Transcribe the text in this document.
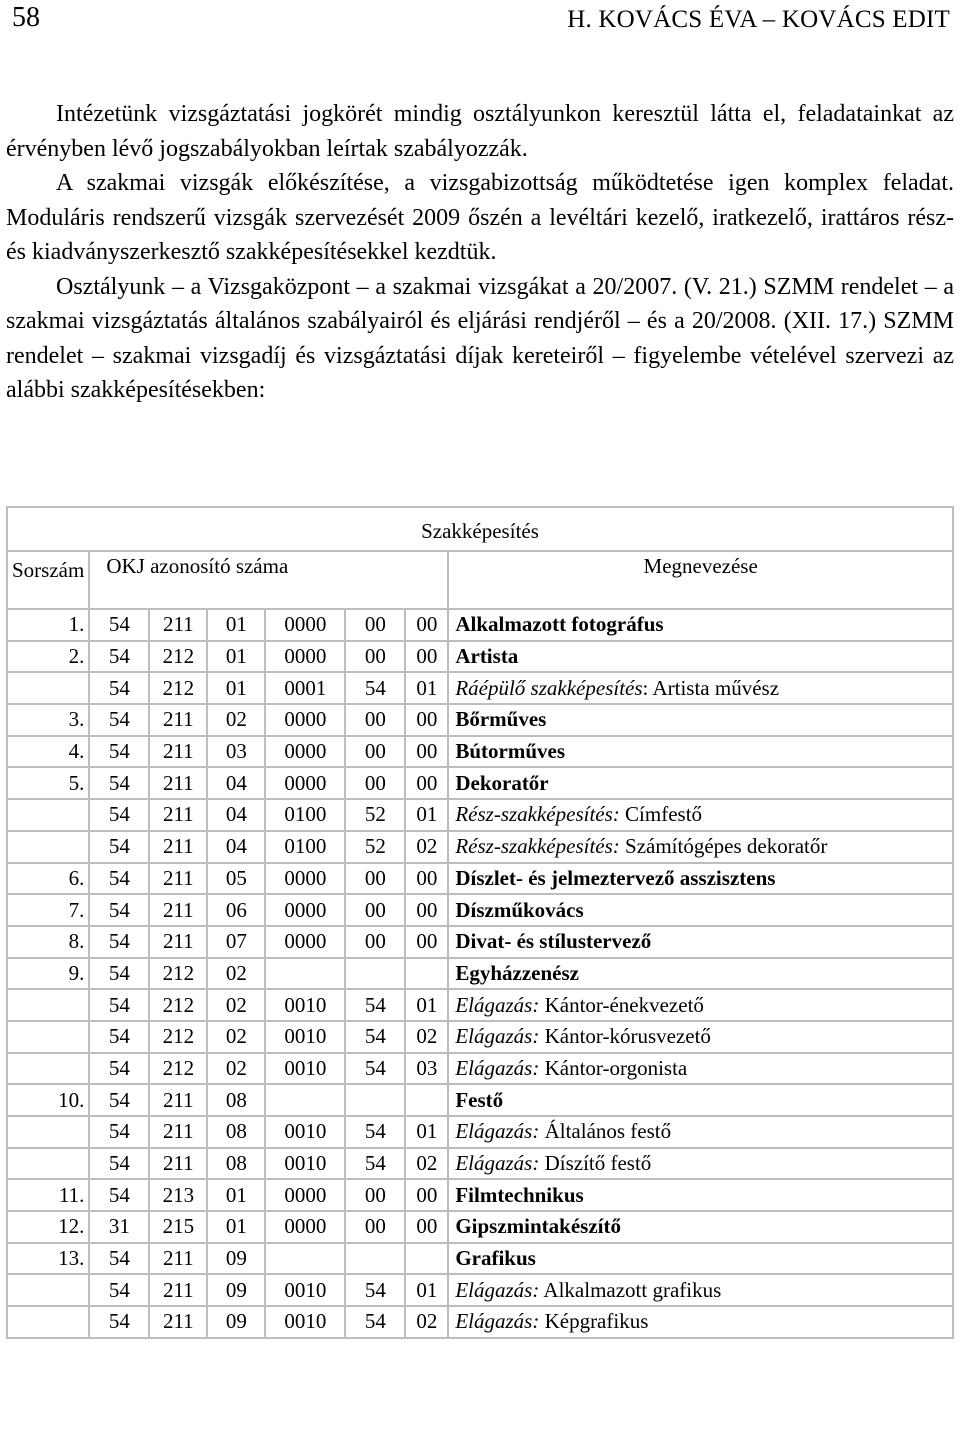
58	H. KOVÁCS ÉVA – KOVÁCS EDIT

Intézetünk vizsgáztatási jogkörét mindig osztályunkon keresztül látta el, feladatainkat az érvényben lévő jogszabályokban leírtak szabályozzák.

A szakmai vizsgák előkészítése, a vizsgabizottság működtetése igen komplex feladat. Moduláris rendszerű vizsgák szervezését 2009 őszén a levéltári kezelő, iratkezelő, irattáros rész- és kiadványszerkesztő szakképesítésekkel kezdtük.

Osztályunk – a Vizsgaközpont – a szakmai vizsgákat a 20/2007. (V. 21.) SZMM rendelet – a szakmai vizsgáztatás általános szabályairól és eljárási rendjéről – és a 20/2008. (XII. 17.) SZMM rendelet – szakmai vizsgadíj és vizsgáztatási díjak kereteiről – figyelembe vételével szervezi az alábbi szakképesítésekben:

Szakképesítés							
Sorszám	OKJ azonosító száma						Megnevezése
1.	54	211	01	0000	00	00	Alkalmazott fotográfus
2.	54	212	01	0000	00	00	Artista
	54	212	01	0001	54	01	Ráépülő szakképesítés: Artista művész
3.	54	211	02	0000	00	00	Bőrműves
4.	54	211	03	0000	00	00	Bútorműves
5.	54	211	04	0000	00	00	Dekoratőr
	54	211	04	0100	52	01	Rész-szakképesítés: Címfestő
	54	211	04	0100	52	02	Rész-szakképesítés: Számítógépes dekoratőr
6.	54	211	05	0000	00	00	Díszlet- és jelmeztervező asszisztens
7.	54	211	06	0000	00	00	Díszműkovács
8.	54	211	07	0000	00	00	Divat- és stílustervező
9.	54	212	02				Egyházzenész
	54	212	02	0010	54	01	Elágazás: Kántor-énekvezető
	54	212	02	0010	54	02	Elágazás: Kántor-kórusvezető
	54	212	02	0010	54	03	Elágazás: Kántor-orgonista
10.	54	211	08				Festő
	54	211	08	0010	54	01	Elágazás: Általános festő
	54	211	08	0010	54	02	Elágazás: Díszítő festő
11.	54	213	01	0000	00	00	Filmtechnikus
12.	31	215	01	0000	00	00	Gipszmintakészítő
13.	54	211	09				Grafikus
	54	211	09	0010	54	01	Elágazás: Alkalmazott grafikus
	54	211	09	0010	54	02	Elágazás: Képgrafikus
